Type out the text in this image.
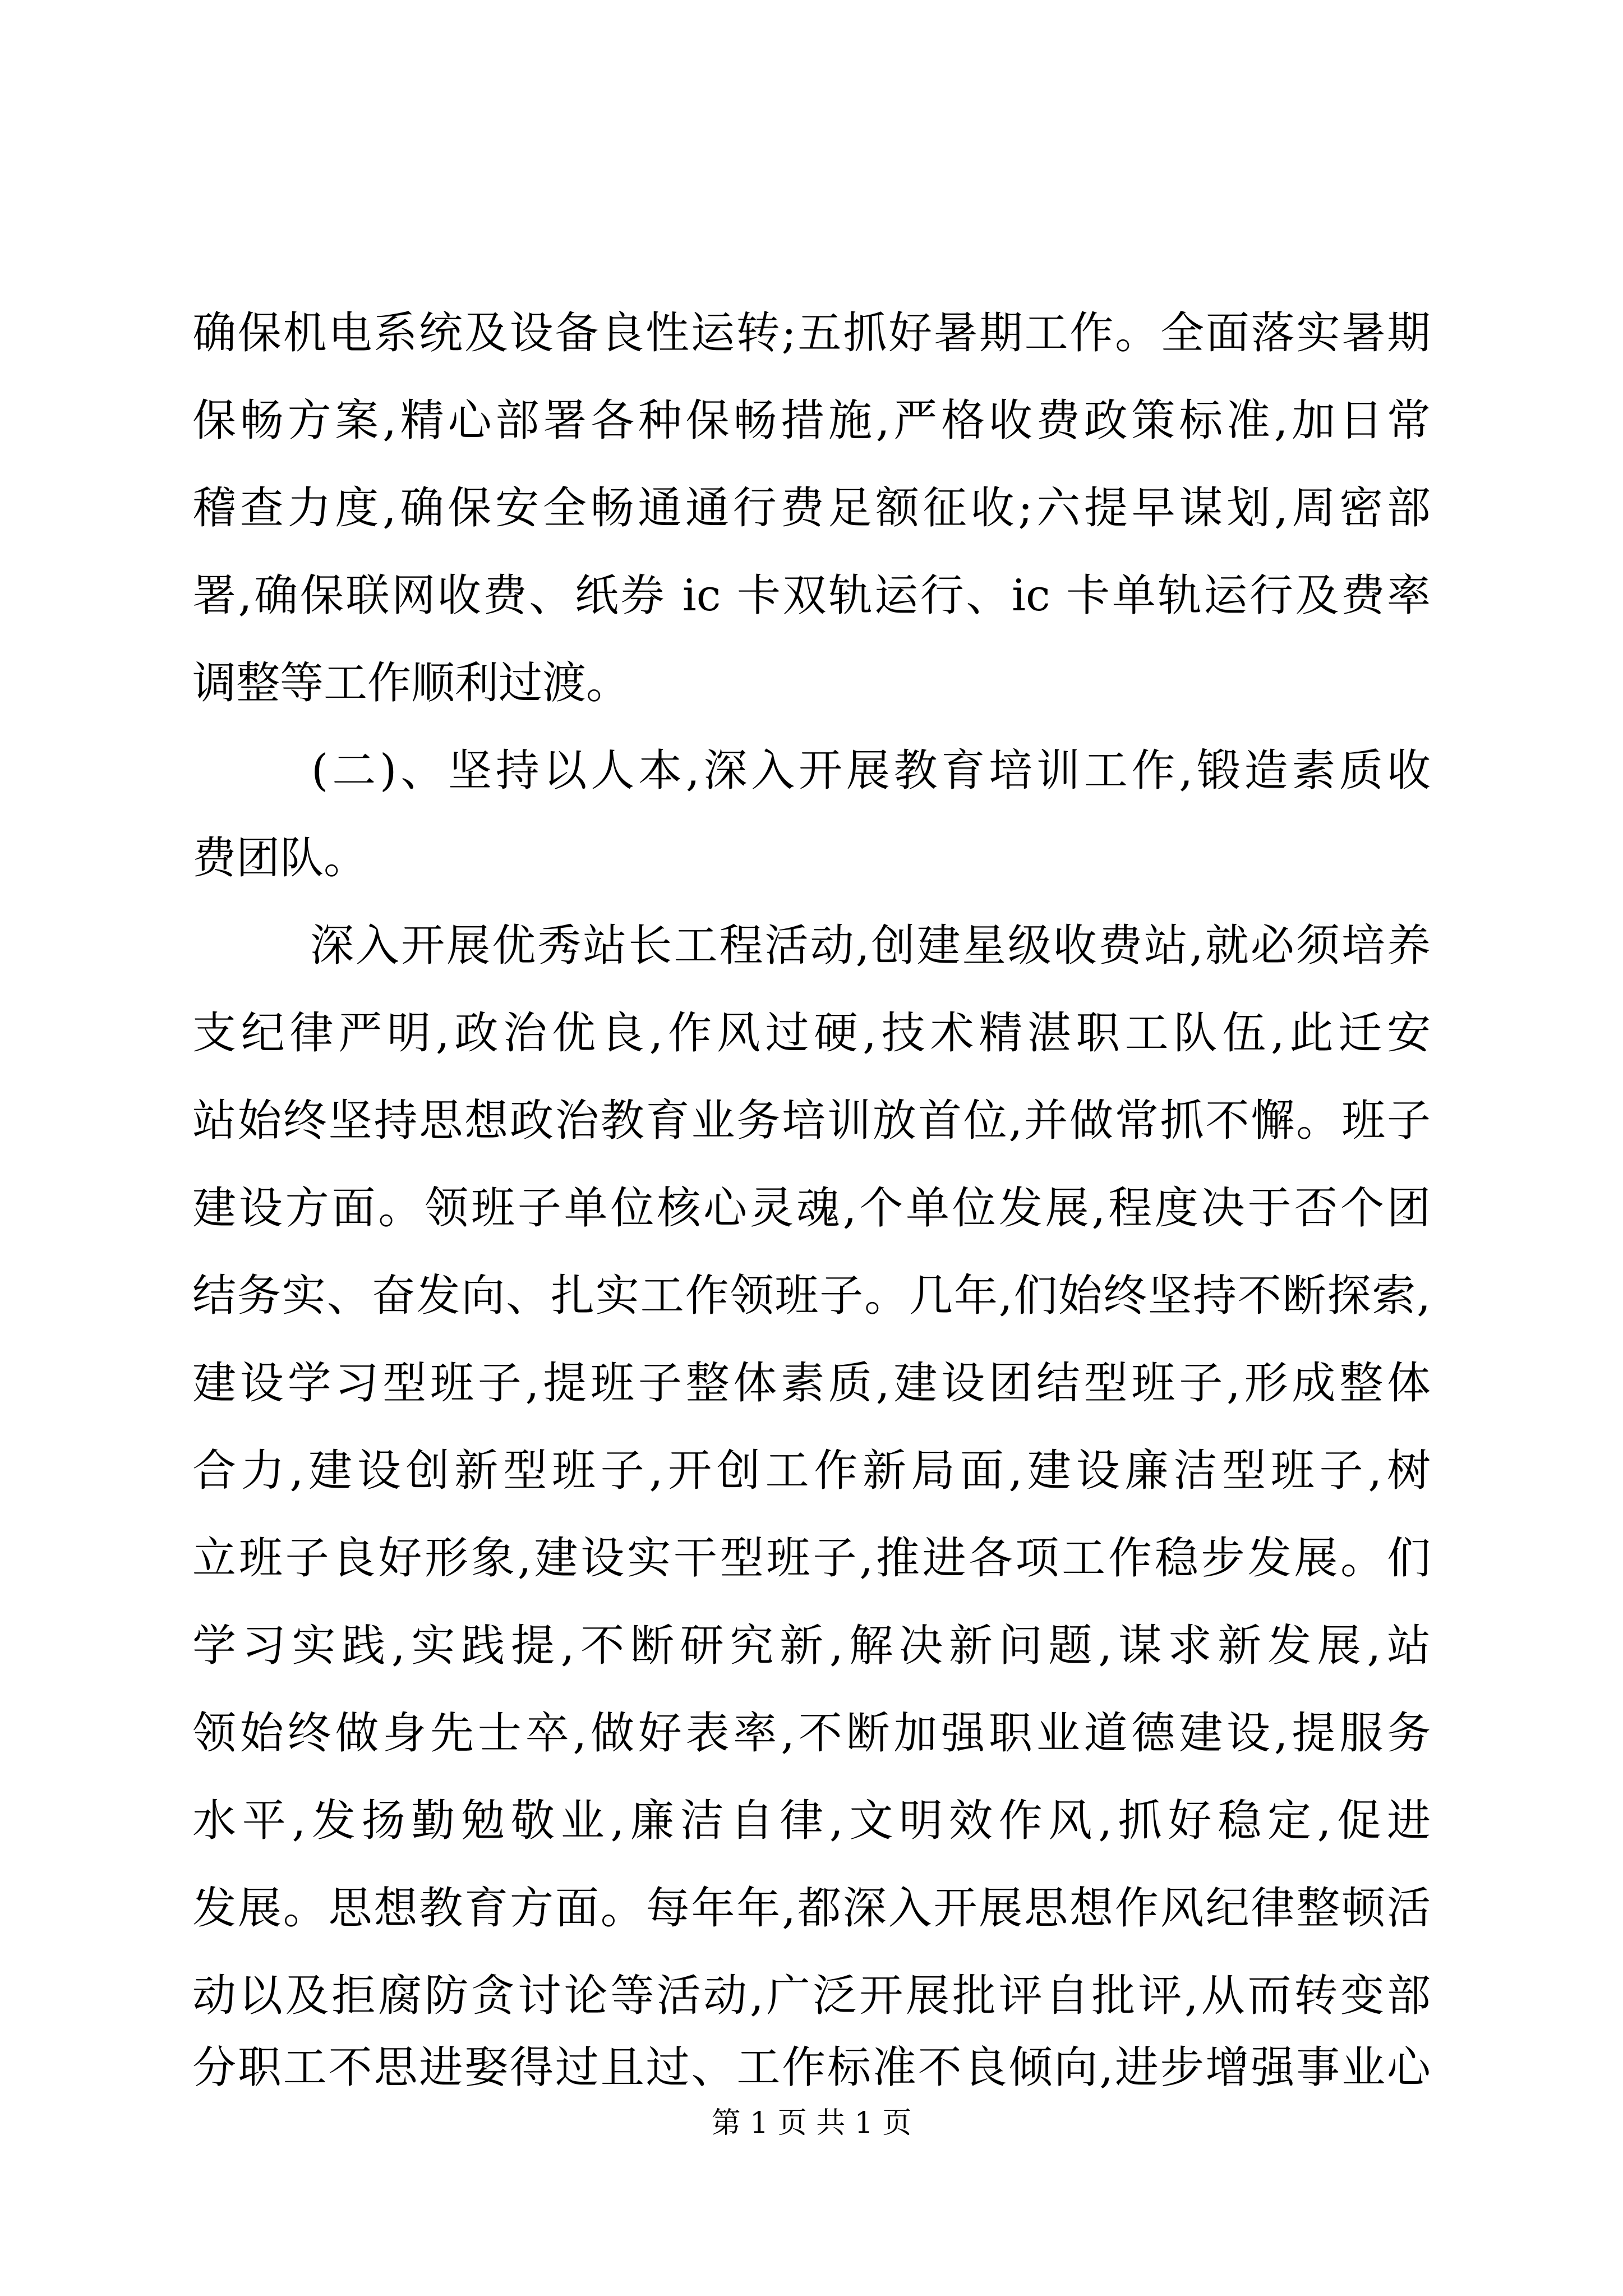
确保机电系统及设备良性运转;五抓好暑期工作。全面落实暑期
保畅方案,精心部署各种保畅措施,严格收费政策标准,加日常
稽查力度,确保安全畅通通行费足额征收;六提早谋划,周密部
署,确保联网收费、纸券 ic 卡双轨运行、ic 卡单轨运行及费率
调整等工作顺利过渡。
(二)、坚持以人本,深入开展教育培训工作,锻造素质收
费团队。
深入开展优秀站长工程活动,创建星级收费站,就必须培养
支纪律严明,政治优良,作风过硬,技术精湛职工队伍,此迁安
站始终坚持思想政治教育业务培训放首位,并做常抓不懈。班子
建设方面。领班子单位核心灵魂,个单位发展,程度决于否个团
结务实、奋发向、扎实工作领班子。几年,们始终坚持不断探索,
建设学习型班子,提班子整体素质,建设团结型班子,形成整体
合力,建设创新型班子,开创工作新局面,建设廉洁型班子,树
立班子良好形象,建设实干型班子,推进各项工作稳步发展。们
学习实践,实践提,不断研究新,解决新问题,谋求新发展,站
领始终做身先士卒,做好表率,不断加强职业道德建设,提服务
水平,发扬勤勉敬业,廉洁自律,文明效作风,抓好稳定,促进
发展。思想教育方面。每年年,都深入开展思想作风纪律整顿活
动以及拒腐防贪讨论等活动,广泛开展批评自批评,从而转变部
分职工不思进娶得过且过、工作标准不良倾向,进步增强事业心
第 1 页 共 1 页
